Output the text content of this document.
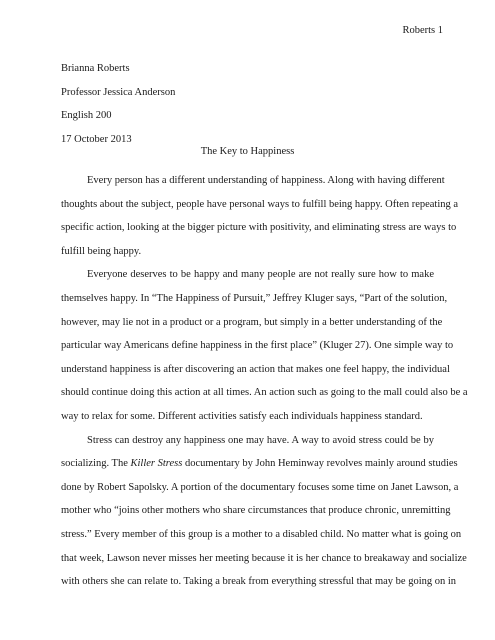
Roberts 1
Brianna Roberts
Professor Jessica Anderson
English 200
17 October 2013
The Key to Happiness
Every person has a different understanding of happiness. Along with having different
thoughts about the subject, people have personal ways to fulfill being happy. Often repeating a
specific action, looking at the bigger picture with positivity, and eliminating stress are ways to
fulfill being happy.
Everyone deserves to be happy and many people are not really sure how to make
themselves happy. In “The Happiness of Pursuit,” Jeffrey Kluger says, “Part of the solution,
however, may lie not in a product or a program, but simply in a better understanding of the
particular way Americans define happiness in the first place” (Kluger 27). One simple way to
understand happiness is after discovering an action that makes one feel happy, the individual
should continue doing this action at all times. An action such as going to the mall could also be a
way to relax for some. Different activities satisfy each individuals happiness standard.
Stress can destroy any happiness one may have. A way to avoid stress could be by
socializing. The Killer Stress documentary by John Heminway revolves mainly around studies
done by Robert Sapolsky. A portion of the documentary focuses some time on Janet Lawson, a
mother who “joins other mothers who share circumstances that produce chronic, unremitting
stress.” Every member of this group is a mother to a disabled child. No matter what is going on
that week, Lawson never misses her meeting because it is her chance to breakaway and socialize
with others she can relate to. Taking a break from everything stressful that may be going on in
